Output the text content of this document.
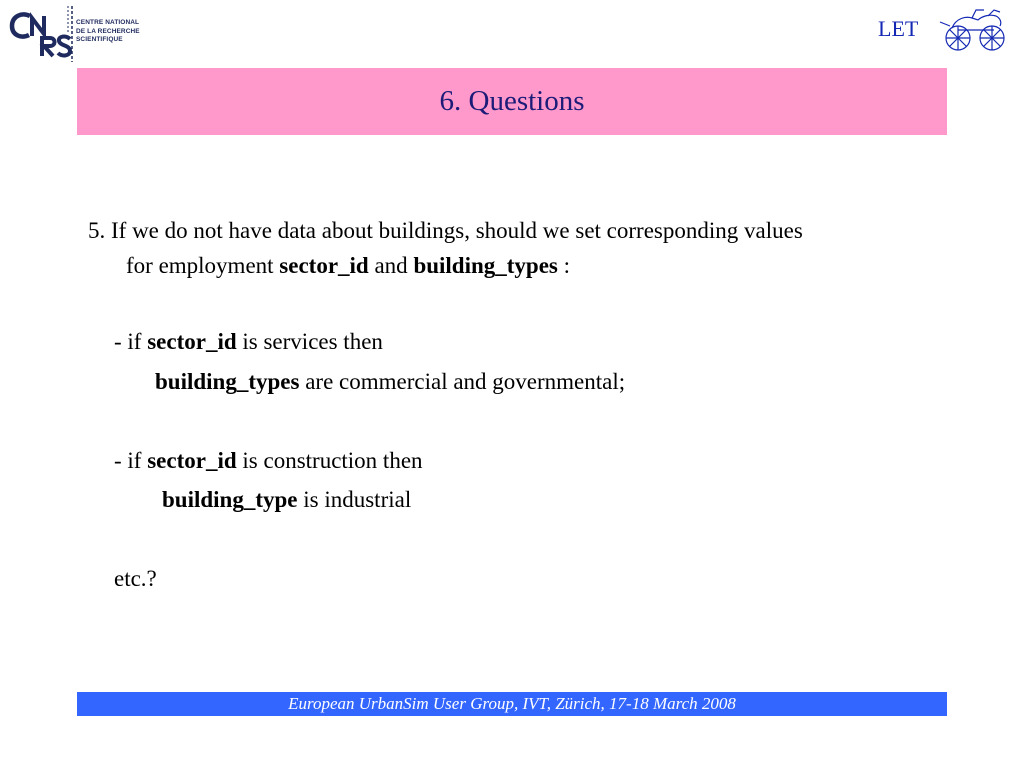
CENTRE NATIONAL
DE LA RECHERCHE
SCIENTIFIQUE	LET
6. Questions
5. If we do not have data about buildings, should we set corresponding values
for employment sector_id and building_types :
- if sector_id is services then
building_types are commercial and governmental;
- if sector_id is construction then
building_type is industrial
etc.?
European UrbanSim User Group, IVT, Zürich, 17-18 March 2008
